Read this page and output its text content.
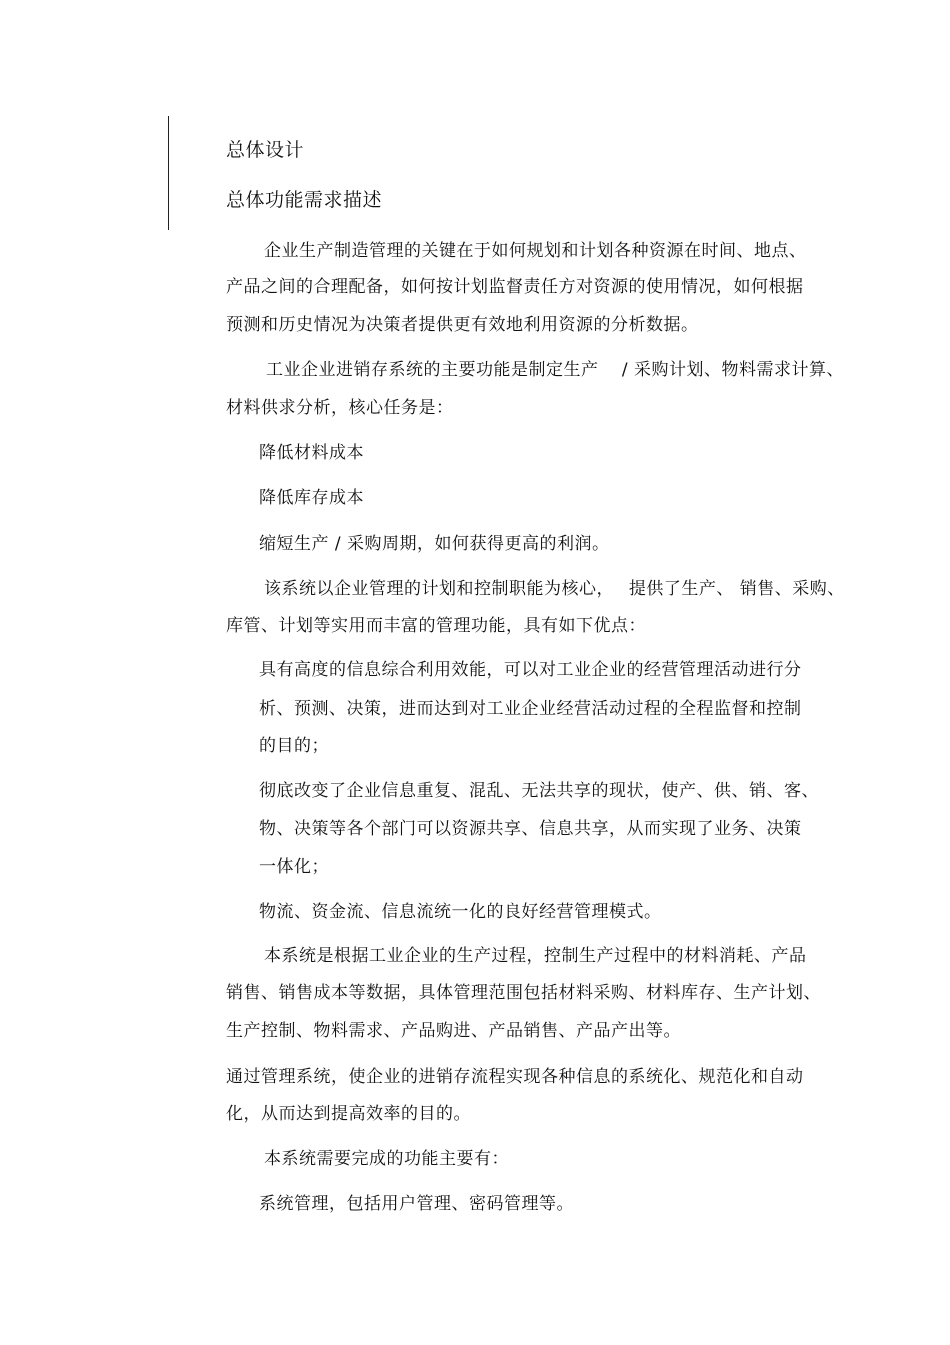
总体设计
总体功能需求描述
企业生产制造管理的关键在于如何规划和计划各种资源在时间、地点、
产品之间的合理配备，如何按计划监督责任方对资源的使用情况，如何根据
预测和历史情况为决策者提供更有效地利用资源的分析数据。
工业企业进销存系统的主要功能是制定生产　 / 采购计划、物料需求计算、
材料供求分析，核心任务是：
降低材料成本
降低库存成本
缩短生产 / 采购周期，如何获得更高的利润。
该系统以企业管理的计划和控制职能为核心，　 提供了生产、 销售、采购、
库管、计划等实用而丰富的管理功能，具有如下优点：
具有高度的信息综合利用效能，可以对工业企业的经营管理活动进行分
析、预测、决策，进而达到对工业企业经营活动过程的全程监督和控制
的目的；
彻底改变了企业信息重复、混乱、无法共享的现状，使产、供、销、客、
物、决策等各个部门可以资源共享、信息共享，从而实现了业务、决策
一体化；
物流、资金流、信息流统一化的良好经营管理模式。
本系统是根据工业企业的生产过程，控制生产过程中的材料消耗、产品
销售、销售成本等数据，具体管理范围包括材料采购、材料库存、生产计划、
生产控制、物料需求、产品购进、产品销售、产品产出等。
通过管理系统，使企业的进销存流程实现各种信息的系统化、规范化和自动
化，从而达到提高效率的目的。
本系统需要完成的功能主要有：
系统管理，包括用户管理、密码管理等。
